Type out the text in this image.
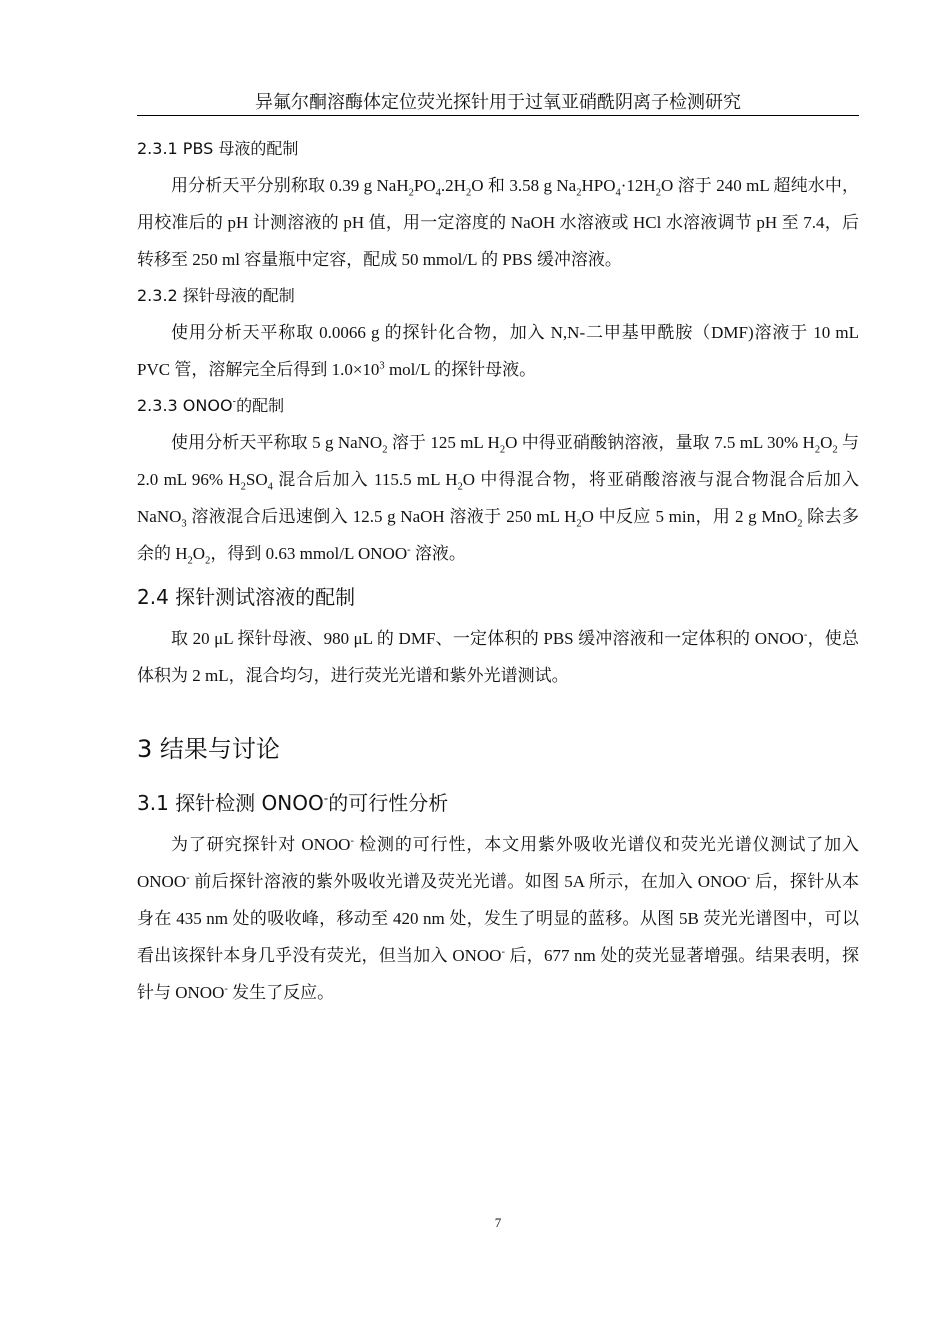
异氟尔酮溶酶体定位荧光探针用于过氧亚硝酰阴离子检测研究
2.3.1 PBS 母液的配制

用分析天平分别称取 0.39 g $NaH_2PO_4.2H_2O$ 和 3.58 g $Na_2HPO_4\cdot 12H_2O$ 溶于 240 mL 超纯水中，用校准后的 pH 计测溶液的 pH 值，用一定溶度的 NaOH 水溶液或 HCl 水溶液调节 pH 至 7.4，后转移至 250 ml 容量瓶中定容，配成 50 mmol/L 的 PBS 缓冲溶液。

2.3.2 探针母液的配制

使用分析天平称取 0.0066 g 的探针化合物，加入 N,N-二甲基甲酰胺（DMF)溶液于 10 mL PVC 管，溶解完全后得到 $1.0\times 10^3$ mol/L 的探针母液。

2.3.3 ONOO-的配制

使用分析天平称取 5 g NaNO$_2$ 溶于 125 mL $H_2O$ 中得亚硝酸钠溶液，量取 7.5 mL 30% $H_2O_2$ 与 2.0 mL 96% $H_2SO_4$ 混合后加入 115.5 mL $H_2O$ 中得混合物，将亚硝酸溶液与混合物混合后加入 NaNO$_3$ 溶液混合后迅速倒入 12.5 g NaOH 溶液于 250 mL $H_2O$ 中反应 5 min，用 2 g MnO$_2$ 除去多余的 $H_2O_2$，得到 0.63 mmol/L ONOO- 溶液。

2.4 探针测试溶液的配制

取 20 μL 探针母液、980 μL 的 DMF、一定体积的 PBS 缓冲溶液和一定体积的 ONOO-，使总体积为 2 mL，混合均匀，进行荧光光谱和紫外光谱测试。

3 结果与讨论
3.1 探针检测 ONOO-的可行性分析

为了研究探针对 ONOO- 检测的可行性，本文用紫外吸收光谱仪和荧光光谱仪测试了加入 ONOO- 前后探针溶液的紫外吸收光谱及荧光光谱。如图 5A 所示，在加入 ONOO- 后，探针从本身在 435 nm 处的吸收峰，移动至 420 nm 处，发生了明显的蓝移。从图 5B 荧光光谱图中，可以看出该探针本身几乎没有荧光，但当加入 ONOO- 后，677 nm 处的荧光显著增强。结果表明，探针与 ONOO- 发生了反应。

7
